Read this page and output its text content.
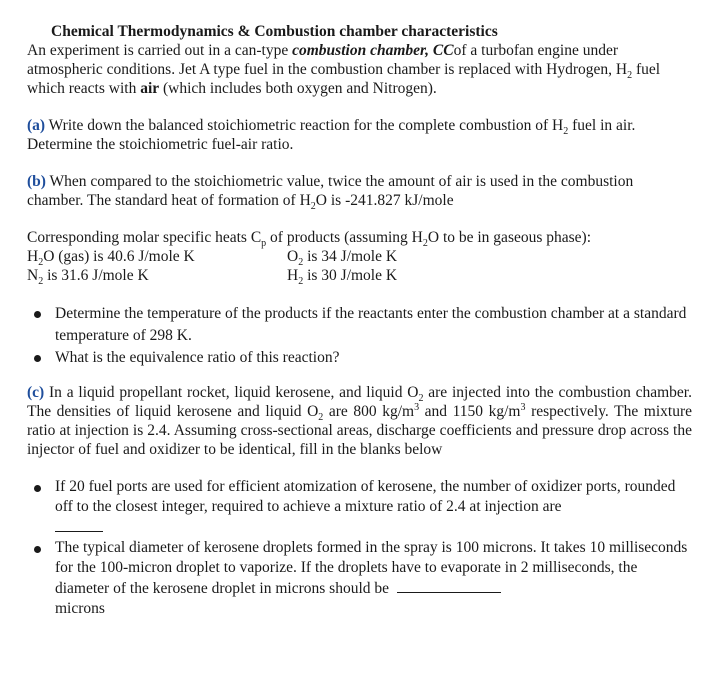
Chemical Thermodynamics & Combustion chamber characteristics

An experiment is carried out in a can-type combustion chamber, CCof a turbofan engine under atmospheric conditions. Jet A type fuel in the combustion chamber is replaced with Hydrogen, $H_2$ fuel which reacts with air (which includes both oxygen and Nitrogen).

(a) Write down the balanced stoichiometric reaction for the complete combustion of $H_2$ fuel in air. Determine the stoichiometric fuel-air ratio.

(b) When compared to the stoichiometric value, twice the amount of air is used in the combustion chamber. The standard heat of formation of $H_2O$ is -241.827 kJ/mole

Corresponding molar specific heats $C_p$ of products (assuming $H_2O$ to be in gaseous phase):

$H_2O$ (gas) is 40.6 J/mole K	$O_2$ is 34 J/mole K
$N_2$ is 31.6 J/mole K	$H_2$ is 30 J/mole K
Determine the temperature of the products if the reactants enter the combustion chamber at a standard temperature of 298 K.
What is the equivalence ratio of this reaction?

(c) In a liquid propellant rocket, liquid kerosene, and liquid $O_2$ are injected into the combustion chamber. The densities of liquid kerosene and liquid $O_2$ are 800 $kg/m^3$ and 1150 $kg/m^3$ respectively. The mixture ratio at injection is 2.4. Assuming cross-sectional areas, discharge coefficients and pressure drop across the injector of fuel and oxidizer to be identical, fill in the blanks below

If 20 fuel ports are used for efficient atomization of kerosene, the number of oxidizer ports, rounded off to the closest integer, required to achieve a mixture ratio of 2.4 at injection are

The typical diameter of kerosene droplets formed in the spray is 100 microns. It takes 10 milliseconds for the 100-micron droplet to vaporize. If the droplets have to evaporate in 2 milliseconds, the diameter of the kerosene droplet in microns should be
microns
